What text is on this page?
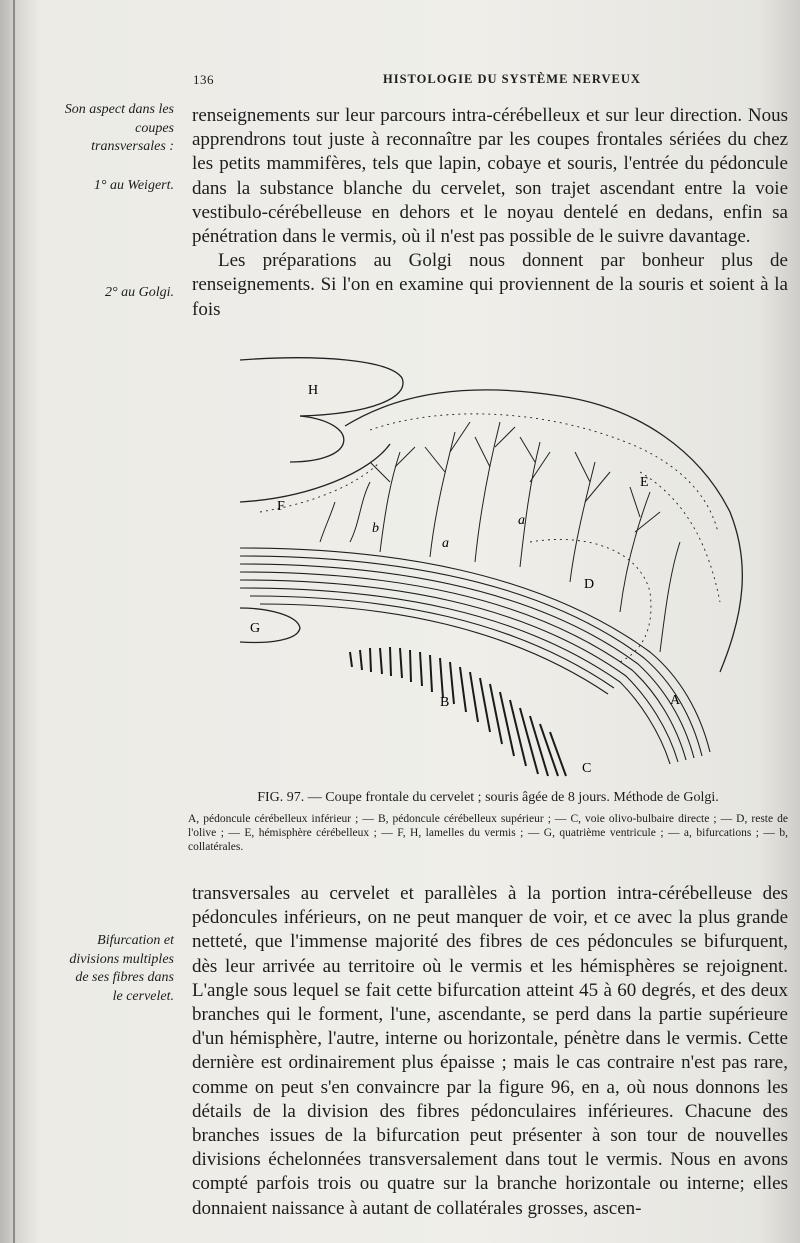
136	HISTOLOGIE DU SYSTÈME NERVEUX
Son aspect dans les coupes transversales :
1° au Weigert.
2° au Golgi.
Bifurcation et divisions multiples de ses fibres dans le cervelet.

renseignements sur leur parcours intra-cérébelleux et sur leur direction. Nous apprendrons tout juste à reconnaître par les coupes frontales sériées du chez les petits mammifères, tels que lapin, cobaye et souris, l'entrée du pédoncule dans la substance blanche du cervelet, son trajet ascendant entre la voie vestibulo-cérébelleuse en dehors et le noyau dentelé en dedans, enfin sa pénétration dans le vermis, où il n'est pas possible de le suivre davantage.

Les préparations au Golgi nous donnent par bonheur plus de renseignements. Si l'on en examine qui proviennent de la souris et soient à la fois

H
F
E
b
a
a
D
G
B	A
C
FIG. 97. — Coupe frontale du cervelet ; souris âgée de 8 jours. Méthode de Golgi.
A, pédoncule cérébelleux inférieur ; — B, pédoncule cérébelleux supérieur ; — C, voie olivo-bulbaire directe ; — D, reste de l'olive ; — E, hémisphère cérébelleux ; — F, H, lamelles du vermis ; — G, quatrième ventricule ; — a, bifurcations ; — b, collatérales.

transversales au cervelet et parallèles à la portion intra-cérébelleuse des pédoncules inférieurs, on ne peut manquer de voir, et ce avec la plus grande netteté, que l'immense majorité des fibres de ces pédoncules se bifurquent, dès leur arrivée au territoire où le vermis et les hémisphères se rejoignent. L'angle sous lequel se fait cette bifurcation atteint 45 à 60 degrés, et des deux branches qui le forment, l'une, ascendante, se perd dans la partie supérieure d'un hémisphère, l'autre, interne ou horizontale, pénètre dans le vermis. Cette dernière est ordinairement plus épaisse ; mais le cas contraire n'est pas rare, comme on peut s'en convaincre par la figure 96, en a, où nous donnons les détails de la division des fibres pédonculaires inférieures. Chacune des branches issues de la bifurcation peut présenter à son tour de nouvelles divisions échelonnées transversalement dans tout le vermis. Nous en avons compté parfois trois ou quatre sur la branche horizontale ou interne; elles donnaient naissance à autant de collatérales grosses, ascen-
